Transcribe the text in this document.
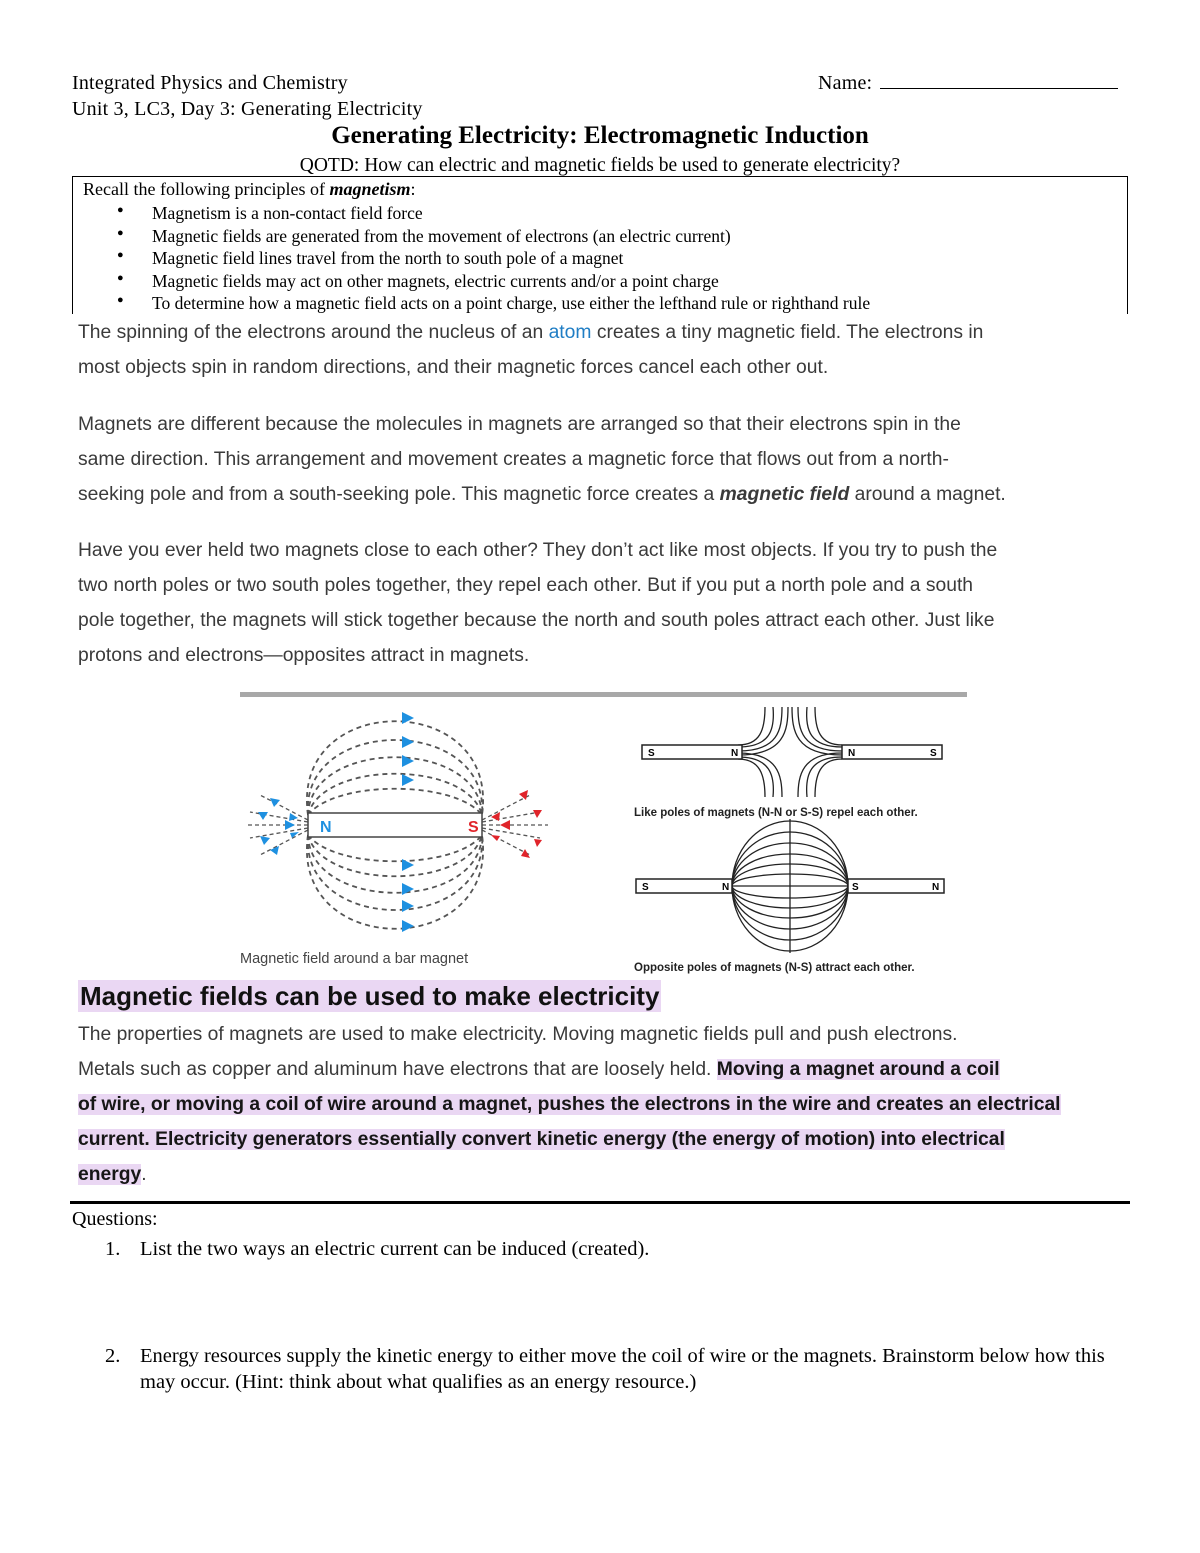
Integrated Physics and Chemistry
Unit 3, LC3, Day 3: Generating Electricity
Name:
Generating Electricity: Electromagnetic Induction
QOTD: How can electric and magnetic fields be used to generate electricity?
Recall the following principles of magnetism:
● Magnetism is a non-contact field force
● Magnetic fields are generated from the movement of electrons (an electric current)
● Magnetic field lines travel from the north to south pole of a magnet
● Magnetic fields may act on other magnets, electric currents and/or a point charge
● To determine how a magnetic field acts on a point charge, use either the lefthand rule or righthand rule
The spinning of the electrons around the nucleus of an atom creates a tiny magnetic field. The electrons in
most objects spin in random directions, and their magnetic forces cancel each other out.
Magnets are different because the molecules in magnets are arranged so that their electrons spin in the
same direction. This arrangement and movement creates a magnetic force that flows out from a north-
seeking pole and from a south-seeking pole. This magnetic force creates a magnetic field around a magnet.
Have you ever held two magnets close to each other? They don’t act like most objects. If you try to push the
two north poles or two south poles together, they repel each other. But if you put a north pole and a south
pole together, the magnets will stick together because the north and south poles attract each other. Just like
protons and electrons—opposites attract in magnets.
N	S
Magnetic field around a bar magnet
S	N	N	S
Like poles of magnets (N-N or S-S) repel each other.
S	N	S	N
Opposite poles of magnets (N-S) attract each other.
Magnetic fields can be used to make electricity
The properties of magnets are used to make electricity. Moving magnetic fields pull and push electrons.
Metals such as copper and aluminum have electrons that are loosely held. Moving a magnet around a coil
of wire, or moving a coil of wire around a magnet, pushes the electrons in the wire and creates an electrical
current. Electricity generators essentially convert kinetic energy (the energy of motion) into electrical
energy.
Questions:
1. List the two ways an electric current can be induced (created).
2. Energy resources supply the kinetic energy to either move the coil of wire or the magnets. Brainstorm below how this may occur. (Hint: think about what qualifies as an energy resource.)
